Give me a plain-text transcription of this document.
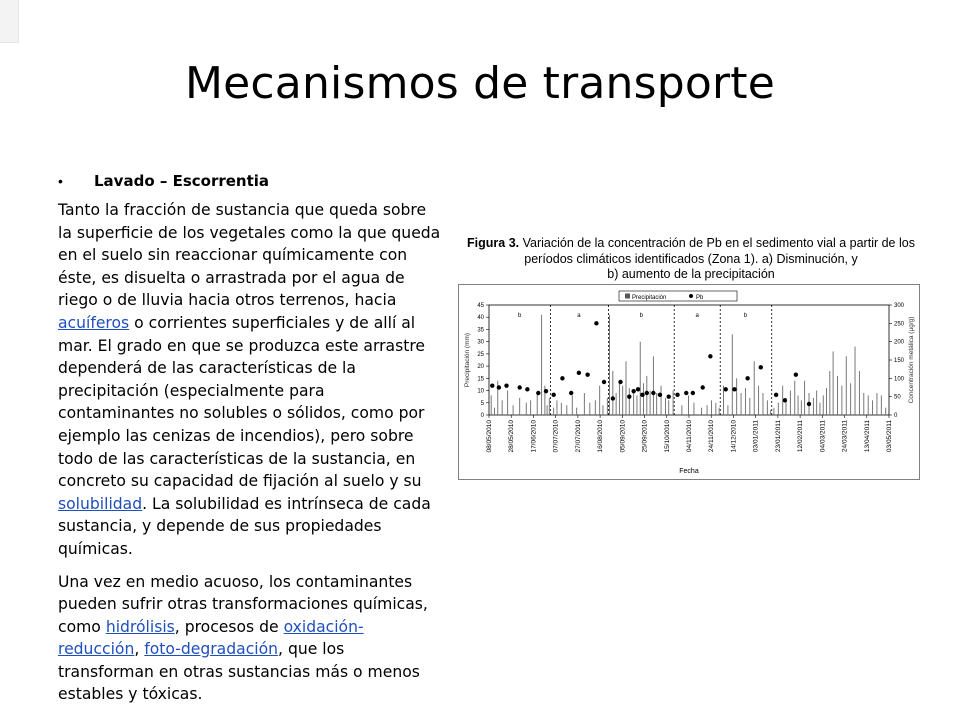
Mecanismos de transporte
•	Lavado – Escorrentia

Tanto la fracción de sustancia que queda sobre la superficie de los vegetales como la que queda en el suelo sin reaccionar químicamente con éste, es disuelta o arrastrada por el agua de riego o de lluvia hacia otros terrenos, hacia acuíferos o corrientes superficiales y de allí al mar. El grado en que se produzca este arrastre dependerá de las características de la precipitación (especialmente para contaminantes no solubles o sólidos, como por ejemplo las cenizas de incendios), pero sobre todo de las características de la sustancia, en concreto su capacidad de fijación al suelo y su solubilidad. La solubilidad es intrínseca de cada sustancia, y depende de sus propiedades químicas.

Una vez en medio acuoso, los contaminantes pueden sufrir otras transformaciones químicas, como hidrólisis, procesos de oxidación-reducción, foto-degradación, que los transforman en otras sustancias más o menos estables y tóxicas.

Figura 3. Variación de la concentración de Pb en el sedimento vial a partir de los
períodos climáticos identificados (Zona 1). a) Disminución, y
b) aumento de la precipitación
Precipitación	Pb
0
5
10
15
20
25
30
35
40
45
0
50
100
150
200
250
300
Precipitación (mm)	Concentración metálica (µg/g)
Fecha
b	a	b	a	b
08/05/2010 28/05/2010 17/06/2010 07/07/2010 27/07/2010 16/08/2010 05/09/2010 25/09/2010 15/10/2010 04/11/2010 24/11/2010 14/12/2010 03/01/2011 23/01/2011 12/02/2011 04/03/2011 24/03/2011 13/04/2011 03/05/2011
